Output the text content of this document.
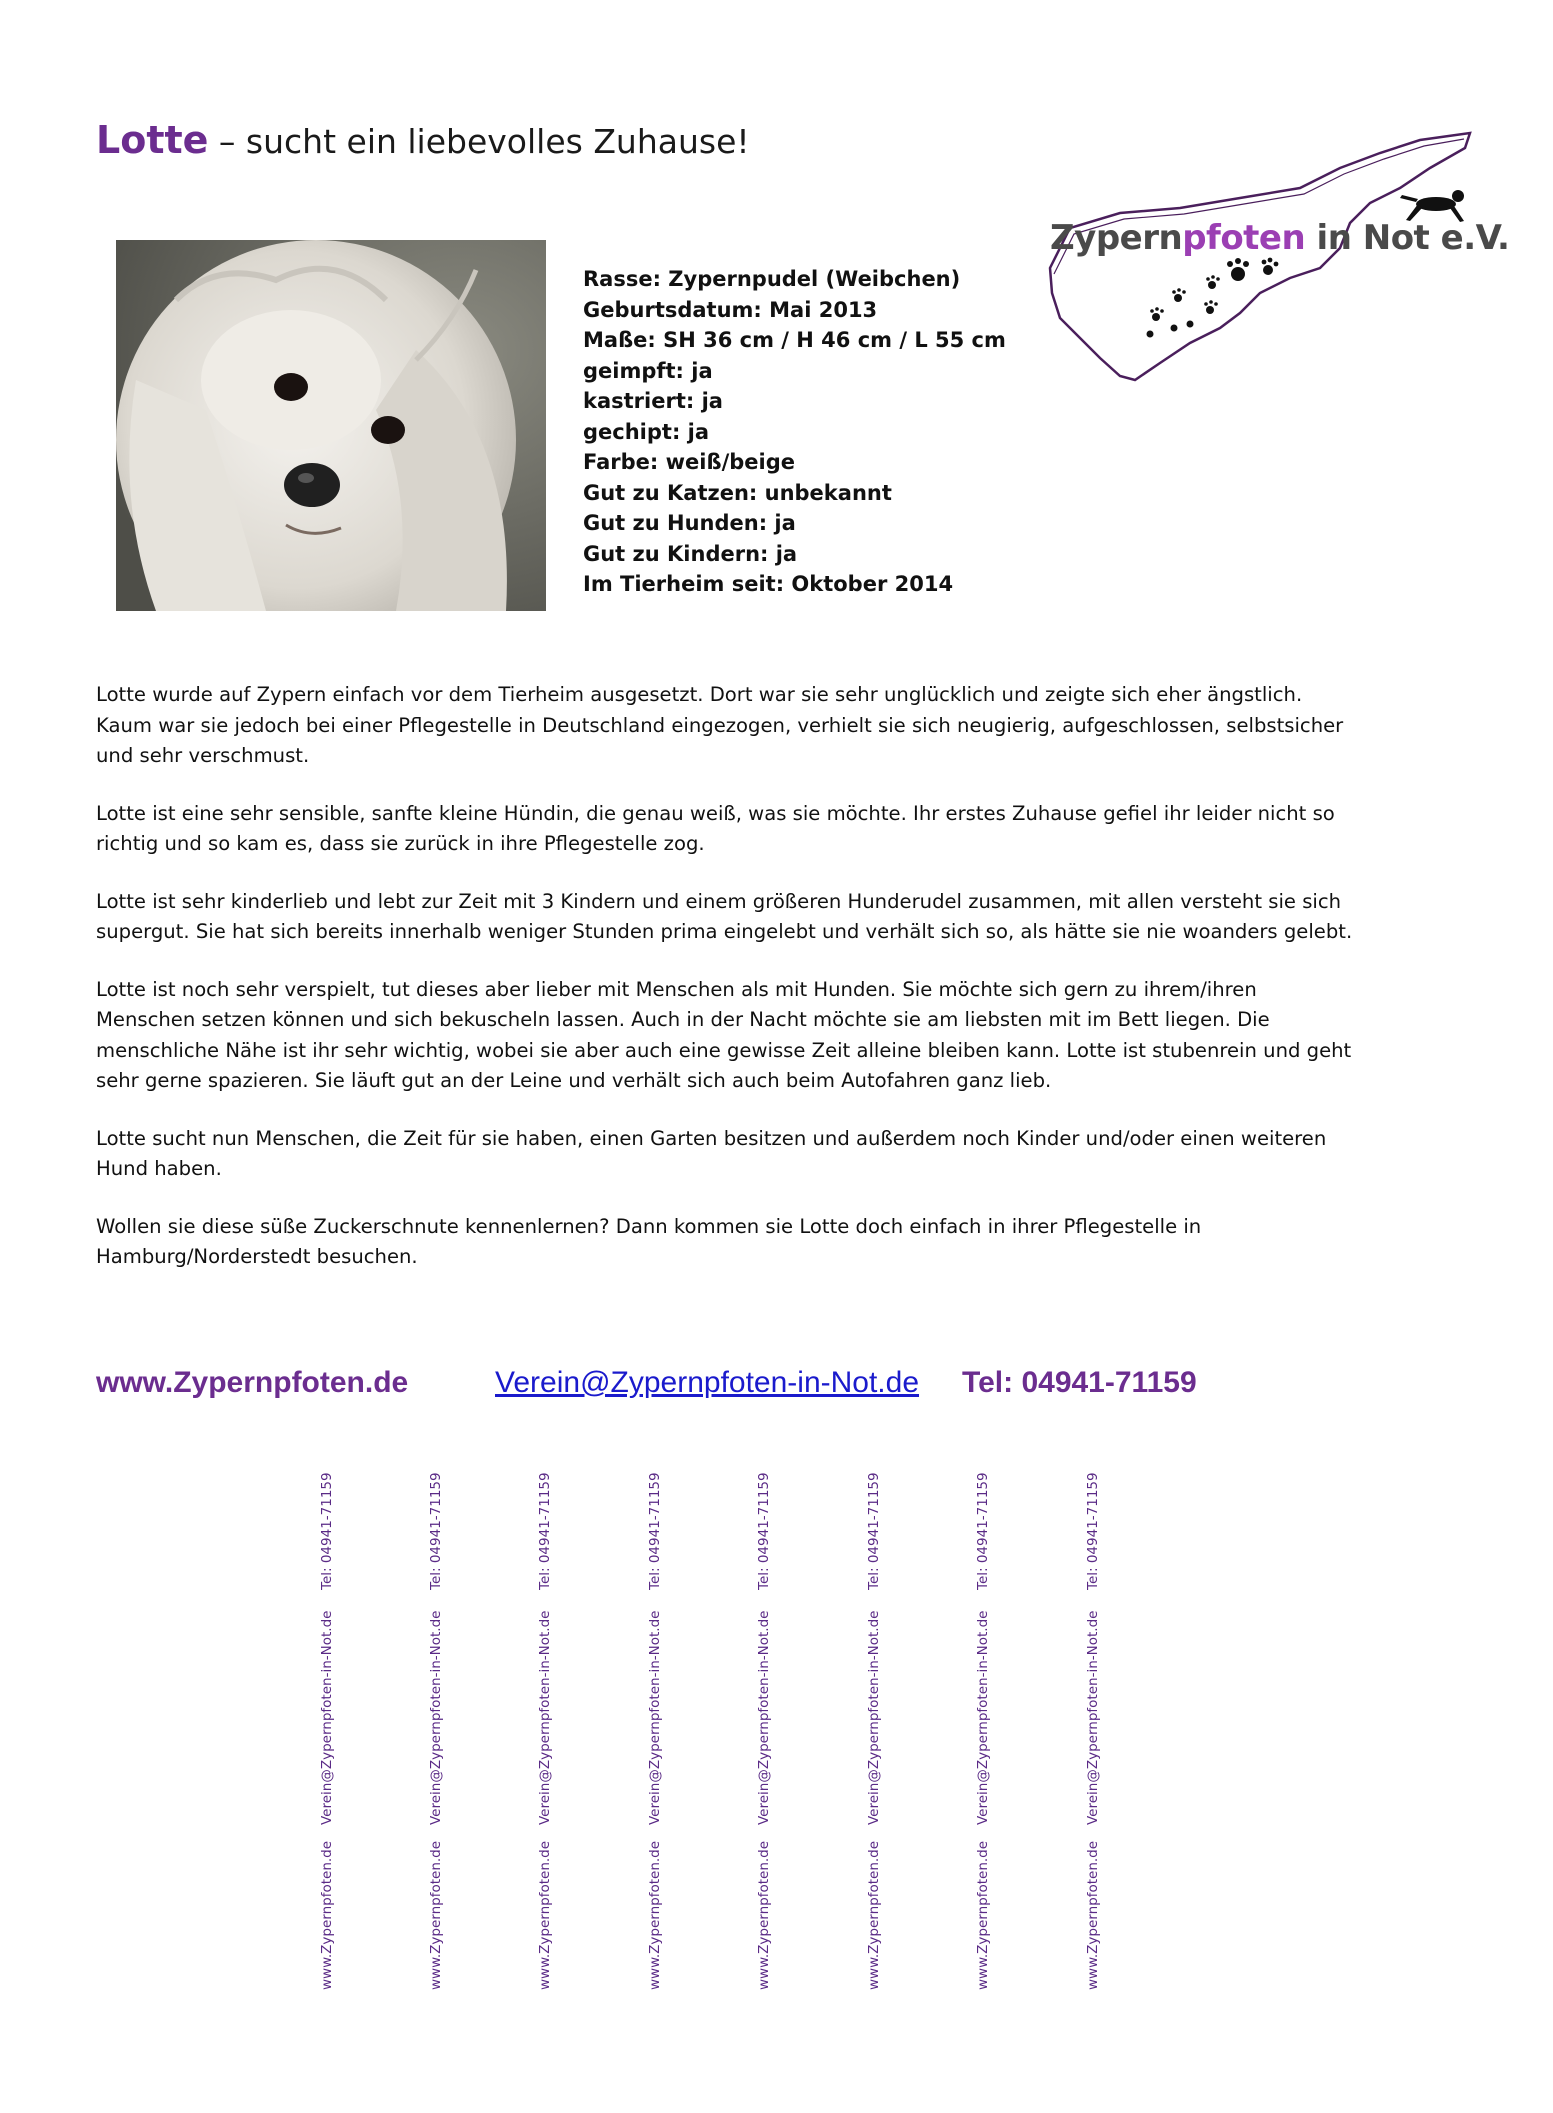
Lotte – sucht ein liebevolles Zuhause!
Rasse: Zypernpudel (Weibchen)
Geburtsdatum: Mai 2013
Maße: SH 36 cm / H 46 cm / L 55 cm
geimpft: ja
kastriert: ja
gechipt: ja
Farbe: weiß/beige
Gut zu Katzen: unbekannt
Gut zu Hunden: ja
Gut zu Kindern: ja
Im Tierheim seit: Oktober 2014
Zypernpfoten in Not e.V.

Lotte wurde auf Zypern einfach vor dem Tierheim ausgesetzt. Dort war sie sehr unglücklich und zeigte sich eher ängstlich. Kaum war sie jedoch bei einer Pflegestelle in Deutschland eingezogen, verhielt sie sich neugierig, aufgeschlossen, selbstsicher und sehr verschmust.

Lotte ist eine sehr sensible, sanfte kleine Hündin, die genau weiß, was sie möchte. Ihr erstes Zuhause gefiel ihr leider nicht so richtig und so kam es, dass sie zurück in ihre Pflegestelle zog.

Lotte ist sehr kinderlieb und lebt zur Zeit mit 3 Kindern und einem größeren Hunderudel zusammen, mit allen versteht sie sich supergut. Sie hat sich bereits innerhalb weniger Stunden prima eingelebt und verhält sich so, als hätte sie nie woanders gelebt.

Lotte ist noch sehr verspielt, tut dieses aber lieber mit Menschen als mit Hunden. Sie möchte sich gern zu ihrem/ihren Menschen setzen können und sich bekuscheln lassen. Auch in der Nacht möchte sie am liebsten mit im Bett liegen. Die menschliche Nähe ist ihr sehr wichtig, wobei sie aber auch eine gewisse Zeit alleine bleiben kann. Lotte ist stubenrein und geht sehr gerne spazieren. Sie läuft gut an der Leine und verhält sich auch beim Autofahren ganz lieb.

Lotte sucht nun Menschen, die Zeit für sie haben, einen Garten besitzen und außerdem noch Kinder und/oder einen weiteren Hund haben.

Wollen sie diese süße Zuckerschnute kennenlernen? Dann kommen sie Lotte doch einfach in ihrer Pflegestelle in Hamburg/Norderstedt besuchen.

www.Zypernpfoten.de	Verein@Zypernpfoten-in-Not.de Tel: 04941-71159
www.Zypernpfoten.de
Verein@Zypernpfoten-in-Not.de
Tel: 04941-71159
www.Zypernpfoten.de
Verein@Zypernpfoten-in-Not.de
Tel: 04941-71159
www.Zypernpfoten.de
Verein@Zypernpfoten-in-Not.de
Tel: 04941-71159
www.Zypernpfoten.de
Verein@Zypernpfoten-in-Not.de
Tel: 04941-71159
www.Zypernpfoten.de
Verein@Zypernpfoten-in-Not.de
Tel: 04941-71159
www.Zypernpfoten.de
Verein@Zypernpfoten-in-Not.de
Tel: 04941-71159
www.Zypernpfoten.de
Verein@Zypernpfoten-in-Not.de
Tel: 04941-71159
www.Zypernpfoten.de
Verein@Zypernpfoten-in-Not.de
Tel: 04941-71159
